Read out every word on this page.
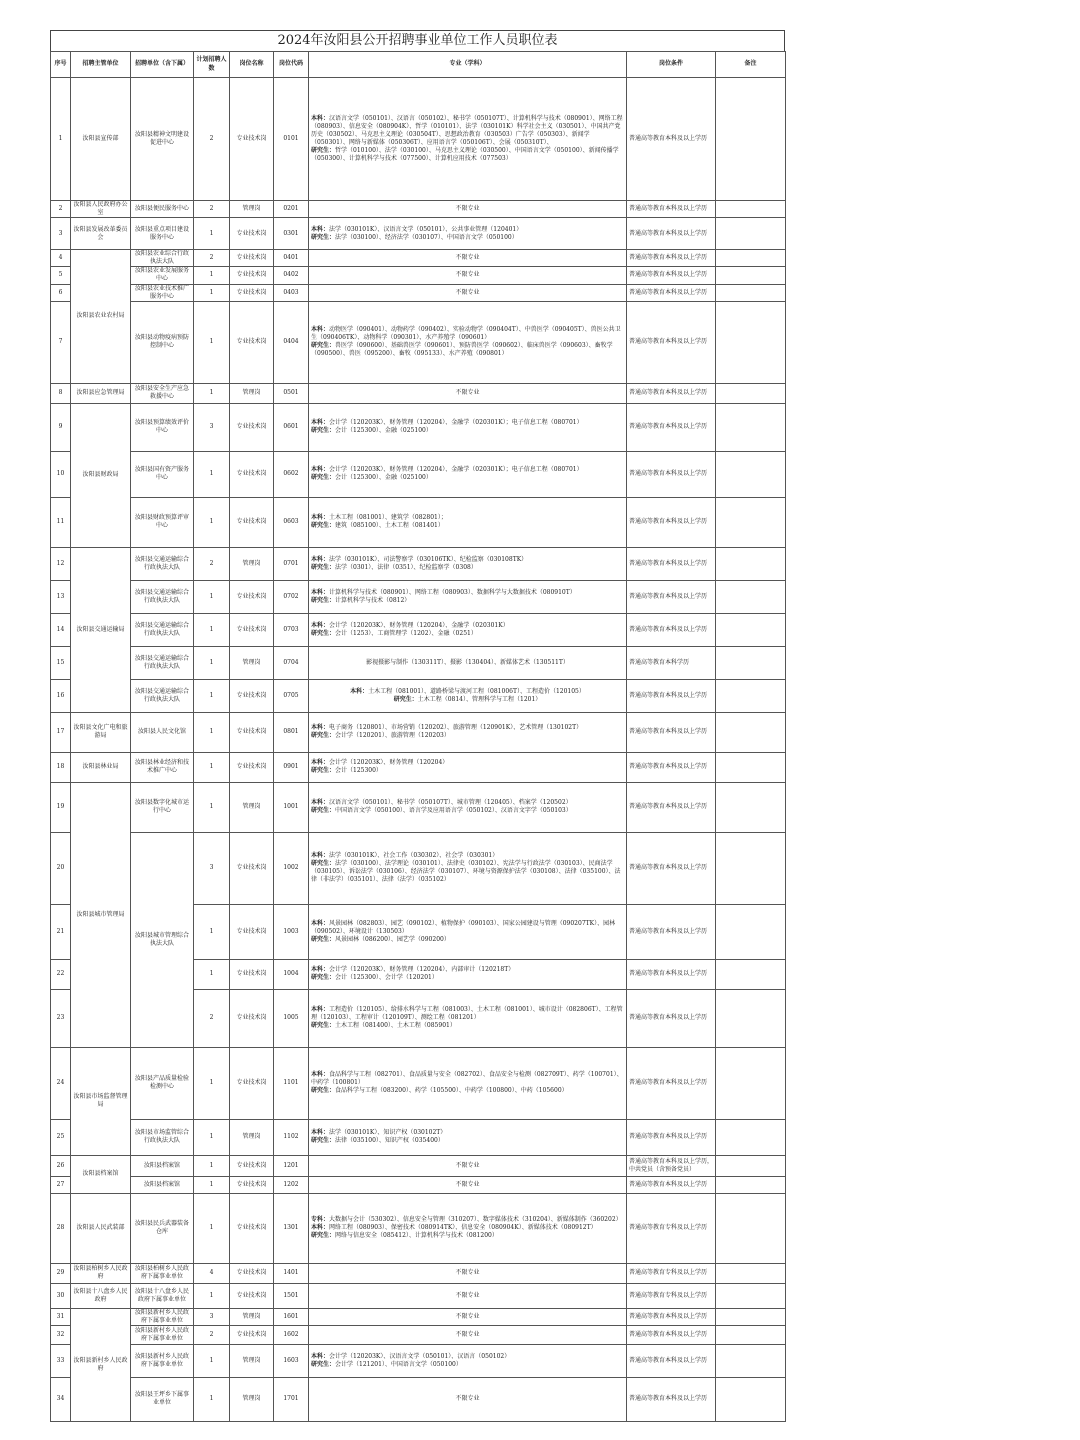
2024年汝阳县公开招聘事业单位工作人员职位表
序号	招聘主管单位	招聘单位（含下属）	计划招聘人数	岗位名称	岗位代码	专业（学科）	岗位条件	备注
1	汝阳县宣传部	汝阳县精神文明建设促进中心	2	专业技术岗	0101	本科：汉语言文学（050101）、汉语言（050102）、秘书学（050107T）、计算机科学与技术（080901）、网络工程（080903）、信息安全（080904K）、哲学（010101）、法学（030101K）科学社会主义（030501）、中国共产党历史（030502）、马克思主义理论（030504T）、思想政治教育（030503）广告学（050303）、新闻学（050301）、网络与新媒体（050306T）、应用语言学（050106T）、会展（050310T）、
研究生：哲学（010100）、法学（030100）、马克思主义理论（030500）、中国语言文学（050100）、新闻传播学（050300）、计算机科学与技术（077500）、计算机应用技术（077503）	普通高等教育本科及以上学历	
2	汝阳县人民政府办公室	汝阳县便民服务中心	2	管理岗	0201	不限专业	普通高等教育本科及以上学历	
3	汝阳县发展改革委员会	汝阳县重点项目建设服务中心	1	专业技术岗	0301	本科：法学（030101K）、汉语言文学（050101）、公共事业管理（120401）
研究生：法学（030100）、经济法学（030107）、中国语言文学（050100）	普通高等教育本科及以上学历	
4	汝阳县农业农村局	汝阳县农业综合行政执法大队	2	专业技术岗	0401	不限专业	普通高等教育本科及以上学历	
5		汝阳县农业发展服务中心	1	专业技术岗	0402	不限专业	普通高等教育本科及以上学历	
6		汝阳县农业技术推广服务中心	1	专业技术岗	0403	不限专业	普通高等教育本科及以上学历	
7		汝阳县动物疫病预防控制中心	1	专业技术岗	0404	本科：动物医学（090401）、动物药学（090402）、实验动物学（090404T）、中兽医学（090405T）、兽医公共卫生（090406TK）、动物科学（090301）、水产养殖学（090601）
研究生：兽医学（090600）、基础兽医学（090601）、预防兽医学（090602）、临床兽医学（090603）、畜牧学（090500）、兽医（095200）、畜牧（095133）、水产养殖（090801）	普通高等教育本科及以上学历	
8	汝阳县应急管理局	汝阳县安全生产应急救援中心	1	管理岗	0501	不限专业	普通高等教育本科及以上学历	
9	汝阳县财政局	汝阳县预算绩效评价中心	3	专业技术岗	0601	本科：会计学（120203K）、财务管理（120204）、金融学（020301K）；电子信息工程（080701）
研究生：会计（125300）、金融（025100）	普通高等教育本科及以上学历	
10		汝阳县国有资产服务中心	1	专业技术岗	0602	本科：会计学（120203K）、财务管理（120204）、金融学（020301K）；电子信息工程（080701）
研究生：会计（125300）、金融（025100）	普通高等教育本科及以上学历	
11		汝阳县财政预算评审中心	1	专业技术岗	0603	本科：土木工程（081001）、建筑学（082801）；
研究生：建筑（085100）、土木工程（081401）	普通高等教育本科及以上学历	
12	汝阳县交通运输局	汝阳县交通运输综合行政执法大队	2	管理岗	0701	本科：法学（030101K）、司法警察学（030106TK）、纪检监察（030108TK）
研究生：法学（0301）、法律（0351）、纪检监察学（0308）	普通高等教育本科及以上学历	
13		汝阳县交通运输综合行政执法大队	1	专业技术岗	0702	本科：计算机科学与技术（080901）、网络工程（080903）、数据科学与大数据技术（080910T）
研究生：计算机科学与技术（0812）	普通高等教育本科及以上学历	
14		汝阳县交通运输综合行政执法大队	1	专业技术岗	0703	本科：会计学（120203K）、财务管理（120204）、金融学（020301K）
研究生：会计（1253）、工商管理学（1202）、金融（0251）	普通高等教育本科及以上学历	
15		汝阳县交通运输综合行政执法大队	1	管理岗	0704	影视摄影与制作（130311T）、摄影（130404）、新媒体艺术（130511T）	普通高等教育本科学历	
16		汝阳县交通运输综合行政执法大队	1	专业技术岗	0705	本科：土木工程（081001）、道路桥梁与渡河工程（081006T）、工程造价（120105）
研究生：土木工程（0814）、管理科学与工程（1201）	普通高等教育本科及以上学历	
17	汝阳县文化广电和旅游局	汝阳县人民文化馆	1	专业技术岗	0801	本科：电子商务（120801）、市场营销（120202）、旅游管理（120901K）、艺术管理（130102T）
研究生：会计学（120201）、旅游管理（120203）	普通高等教育本科及以上学历	
18	汝阳县林业局	汝阳县林业经济和技术推广中心	1	专业技术岗	0901	本科：会计学（120203K）、财务管理（120204）
研究生：会计（125300）	普通高等教育本科及以上学历	
19	汝阳县城市管理局	汝阳县数字化城市运行中心	1	管理岗	1001	本科：汉语言文学（050101）、秘书学（050107T）、城市管理（120405）、档案学（120502）
研究生：中国语言文学（050100）、语言学及应用语言学（050102）、汉语言文字学（050103）	普通高等教育本科及以上学历	
20		汝阳县城市管理综合执法大队	3	专业技术岗	1002	本科：法学（030101K）、社会工作（030302）、社会学（030301）
研究生：法学（030100）、法学理论（030101）、法律史（030102）、宪法学与行政法学（030103）、民商法学（030105）、诉讼法学（030106）、经济法学（030107）、环境与资源保护法学（030108）、法律（035100）、法律（非法学）（035101）、法律（法学）（035102）	普通高等教育本科及以上学历	
21			1	专业技术岗	1003	本科：风景园林（082803）、园艺（090102）、植物保护（090103）、国家公园建设与管理（090207TK）、园林（090502）、环境设计（130503）
研究生：风景园林（086200）、园艺学（090200）	普通高等教育本科及以上学历	
22			1	专业技术岗	1004	本科：会计学（120203K）、财务管理（120204）、内部审计（120218T）
研究生：会计（125300）、会计学（120201）	普通高等教育本科及以上学历	
23			2	专业技术岗	1005	本科：工程造价（120105）、给排水科学与工程（081003）、土木工程（081001）、城市设计（082806T）、工程管理（120103）、工程审计（120109T）、测绘工程（081201）
研究生：土木工程（081400）、土木工程（085901）	普通高等教育本科及以上学历	
24	汝阳县市场监督管理局	汝阳县产品质量检验检测中心	1	专业技术岗	1101	本科：食品科学与工程（082701）、食品质量与安全（082702）、食品安全与检测（082709T）、药学（100701）、中药学（100801）
研究生：食品科学与工程（083200）、药学（105500）、中药学（100800）、中药（105600）	普通高等教育本科及以上学历	
25		汝阳县市场监管综合行政执法大队	1	管理岗	1102	本科：法学（030101K）、知识产权（030102T）
研究生：法律（035100）、知识产权（035400）	普通高等教育本科及以上学历	
26	汝阳县档案馆	汝阳县档案馆	1	专业技术岗	1201	不限专业	普通高等教育本科及以上学历，中共党员（含预备党员）	
27		汝阳县档案馆	1	专业技术岗	1202	不限专业	普通高等教育本科及以上学历	
28	汝阳县人民武装部	汝阳县民兵武器装备仓库	1	专业技术岗	1301	专科：大数据与会计（530302）、信息安全与管理（310207）、数字媒体技术（310204）、新媒体制作（360202）
本科：网络工程（080903）、保密技术（080914TK）、信息安全（080904K）、新媒体技术（080912T）
研究生：网络与信息安全（085412）、计算机科学与技术（081200）	普通高等教育专科及以上学历	
29	汝阳县柏树乡人民政府	汝阳县柏树乡人民政府下属事业单位	4	专业技术岗	1401	不限专业	普通高等教育专科及以上学历	
30	汝阳县十八盘乡人民政府	汝阳县十八盘乡人民政府下属事业单位	1	专业技术岗	1501	不限专业	普通高等教育专科及以上学历	
31	汝阳县新村乡人民政府	汝阳县新村乡人民政府下属事业单位	3	管理岗	1601	不限专业	普通高等教育本科及以上学历	
32		汝阳县新村乡人民政府下属事业单位	2	专业技术岗	1602	不限专业	普通高等教育本科及以上学历	
33		汝阳县新村乡人民政府下属事业单位	1	管理岗	1603	本科：会计学（120203K）、汉语言文学（050101）、汉语言（050102）
研究生：会计学（121201）、中国语言文学（050100）	普通高等教育本科及以上学历	
34		汝阳县王坪乡下属事业单位	1	管理岗	1701	不限专业	普通高等教育本科及以上学历	
